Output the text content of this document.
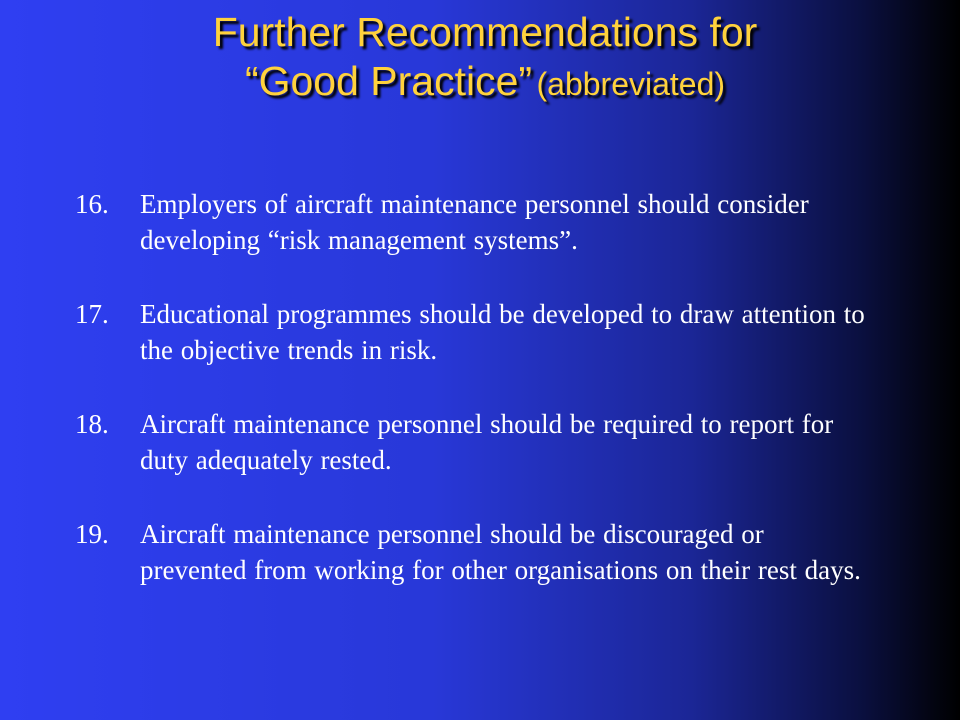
Further Recommendations for
“Good Practice” (abbreviated)
16.	Employers of aircraft maintenance personnel should consider developing “risk management systems”.
17.	Educational programmes should be developed to draw attention to the objective trends in risk.
18.	Aircraft maintenance personnel should be required to report for duty adequately rested.
19.	Aircraft maintenance personnel should be discouraged or prevented from working for other organisations on their rest days.
